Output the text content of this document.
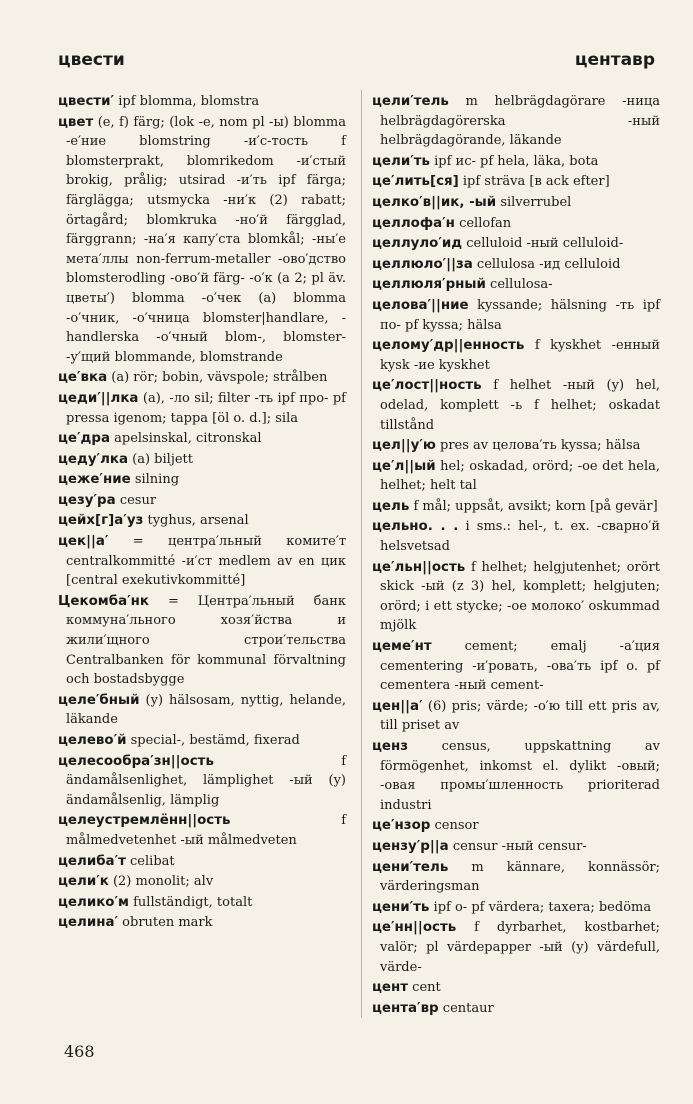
цвести	центавр
цвести′ ipf blomma, blomstra
цвет (e, f) färg; (lok -e, nom pl -ы) blomma -е′ние blomstring -и′с-тость f blomsterprakt, blomrikedom -и′стый brokig, prålig; utsirad -и′ть ipf färga; färglägga; utsmycka -ни′к (2) rabatt; örtagård; blomkruka -но′й färgglad, färggrann; -на′я капу′ста blomkål; -ны′е мета′ллы non-ferrum-metaller -ово′дство blomsterodling -ово′й färg- -о′к (a 2; pl äv. цветы′) blomma -о′чек (a) blomma -о′чник, -о′чница blomster|handlare, -handlerska -о′чный blom-, blomster- -у′щий blommande, blomstrande
це′вка (a) rör; bobin, vävspole; strålben
цеди′||лка (a), -ло sil; filter -ть ipf про- pf pressa igenom; tappa [öl o. d.]; sila
це′дра apelsinskal, citronskal
цеду′лка (a) biljett
цеже′ние silning
цезу′ра cesur
цейх[г]а′уз tyghus, arsenal
цек||а′ = центра′льный комите′т centralkommitté -и′ст medlem av en цик [central exekutivkommitté]
Цекомба′нк = Центра′льный банк коммуна′льного хозя′йства и жили′щного строи′тельства Centralbanken för kommunal förvaltning och bostadsbygge
целе′бный (y) hälsosam, nyttig, helande, läkande
целево′й special-, bestämd, fixerad
целесообра′зн||ость	f ändamålsenlighet, lämplighet -ый (y) ändamålsenlig, lämplig
целеустремлённ||ость	f målmedvetenhet -ый målmedveten
целиба′т celibat
цели′к (2) monolit; alv
целико′м fullständigt, totalt
целина′ obruten mark
цели′тель m helbrägdagörare -ница helbrägdagörerska -ный helbrägdagörande, läkande
цели′ть ipf ис- pf hela, läka, bota
це′лить[ся] ipf sträva [в ack efter]
целко′в||ик, -ый silverrubel
целлофа′н cellofan
целлуло′ид celluloid -ный celluloid-
целлюло′||за cellulosa -ид celluloid
целлюля′рный cellulosa-
целова′||ние kyssande; hälsning -ть ipf по- pf kyssa; hälsa
целому′др||енность f kyskhet -енный kysk -ие kyskhet
це′лост||ность f helhet -ный (y) hel, odelad, komplett -ь f helhet; oskadat tillstånd
цел||у′ю pres av целова′ть kyssa; hälsa
це′л||ый hel; oskadad, orörd; -ое det hela, helhet; helt tal
цель f mål; uppsåt, avsikt; korn [på gevär]
цельно. . . i sms.: hel-, t. ex. -сварно′й helsvetsad
це′льн||ость f helhet; helgjutenhet; orört skick -ый (z 3) hel, komplett; helgjuten; orörd; i ett stycke; -ое молоко′ oskummad mjölk
цеме′нт	cement; emalj -а′ция cementering -и′ровать, -ова′ть ipf o. pf cementera -ный cement-
цен||а′ (6) pris; värde; -о′ю till ett pris av, till priset av
ценз	census, uppskattning av förmögenhet, inkomst el. dylikt -овый; -овая промы′шленность prioriterad industri
це′нзор censor
цензу′р||а censur -ный censur-
цени′тель m kännare, konnässör; värderingsman
цени′ть ipf о- pf värdera; taxera; bedöma
це′нн||ость f dyrbarhet, kostbarhet; valör; pl värdepapper -ый (y) värdefull, värde-
цент cent
цента′вр centaur
468
